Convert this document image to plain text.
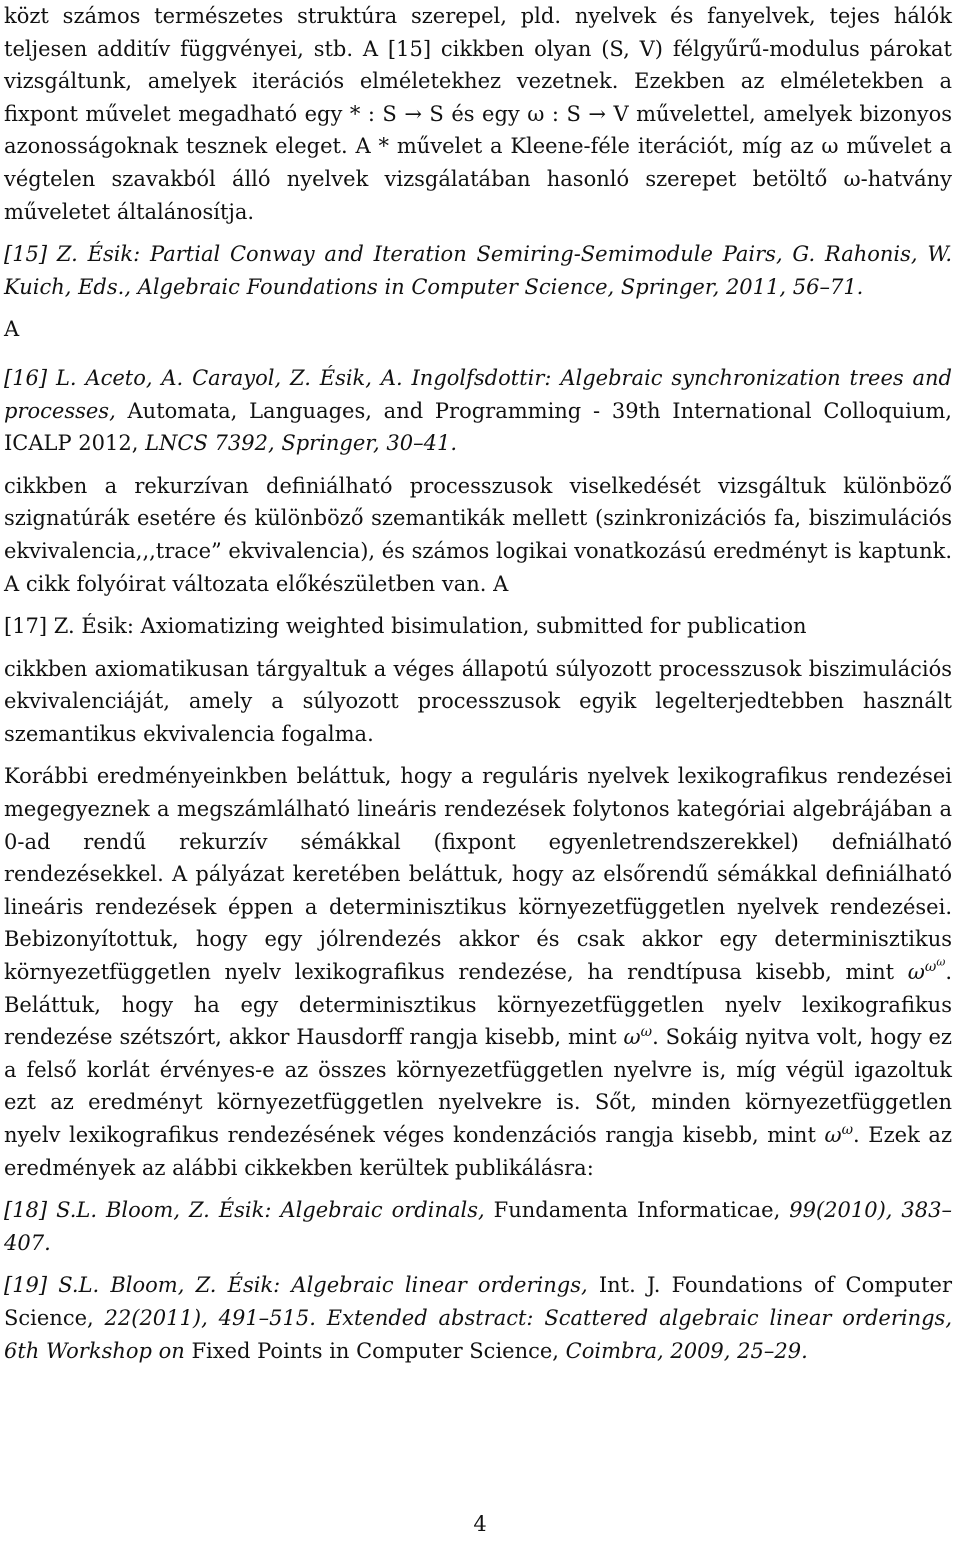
közt számos természetes struktúra szerepel, pld. nyelvek és fanyelvek, tejes hálók teljesen additív függvényei, stb. A [15] cikkben olyan (S, V) félgyűrű-modulus párokat vizsgáltunk, amelyek iterációs elméletekhez vezetnek. Ezekben az elméletekben a fixpont művelet megadható egy * : S → S és egy ω : S → V művelettel, amelyek bizonyos azonosságoknak tesznek eleget. A * művelet a Kleene-féle iterációt, míg az ω művelet a végtelen szavakból álló nyelvek vizsgálatában hasonló szerepet betöltő ω-hatvány műveletet általánosítja.

[15] Z. Ésik: Partial Conway and Iteration Semiring-Semimodule Pairs, G. Rahonis, W. Kuich, Eds., Algebraic Foundations in Computer Science, Springer, 2011, 56–71.

A

[16] L. Aceto, A. Carayol, Z. Ésik, A. Ingolfsdottir: Algebraic synchronization trees and processes, Automata, Languages, and Programming - 39th International Colloquium, ICALP 2012, LNCS 7392, Springer, 30–41.

cikkben a rekurzívan definiálható processzusok viselkedését vizsgáltuk különböző szignatúrák esetére és különböző szemantikák mellett (szinkronizációs fa, biszimulációs ekvivalencia,,,trace” ekvivalencia), és számos logikai vonatkozású eredményt is kaptunk. A cikk folyóirat változata előkészületben van. A

[17] Z. Ésik: Axiomatizing weighted bisimulation, submitted for publication

cikkben axiomatikusan tárgyaltuk a véges állapotú súlyozott processzusok biszimulációs ekvivalenciáját, amely a súlyozott processzusok egyik legelterjedtebben használt szemantikus ekvivalencia fogalma.

Korábbi eredményeinkben beláttuk, hogy a reguláris nyelvek lexikografikus rendezései megegyeznek a megszámlálható lineáris rendezések folytonos kategóriai algebrájában a 0-ad rendű rekurzív sémákkal (fixpont egyenletrendszerekkel) defniálható rendezésekkel. A pályázat keretében beláttuk, hogy az elsőrendű sémákkal definiálható lineáris rendezések éppen a determinisztikus környezetfüggetlen nyelvek rendezései. Bebizonyítottuk, hogy egy jólrendezés akkor és csak akkor egy determinisztikus környezetfüggetlen nyelv lexikografikus rendezése, ha rendtípusa kisebb, mint $\omega^{\omega^\omega}$. Beláttuk, hogy ha egy determinisztikus környezetfüggetlen nyelv lexikografikus rendezése szétszórt, akkor Hausdorff rangja kisebb, mint $\omega^\omega$. Sokáig nyitva volt, hogy ez a felső korlát érvényes-e az összes környezetfüggetlen nyelvre is, míg végül igazoltuk ezt az eredményt környezetfüggetlen nyelvekre is. Sőt, minden környezetfüggetlen nyelv lexikografikus rendezésének véges kondenzációs rangja kisebb, mint $\omega^\omega$. Ezek az eredmények az alábbi cikkekben kerültek publikálásra:

[18] S.L. Bloom, Z. Ésik: Algebraic ordinals, Fundamenta Informaticae, 99(2010), 383–407.

[19] S.L. Bloom, Z. Ésik: Algebraic linear orderings, Int. J. Foundations of Computer Science, 22(2011), 491–515. Extended abstract: Scattered algebraic linear orderings, 6th Workshop on Fixed Points in Computer Science, Coimbra, 2009, 25–29.

4
